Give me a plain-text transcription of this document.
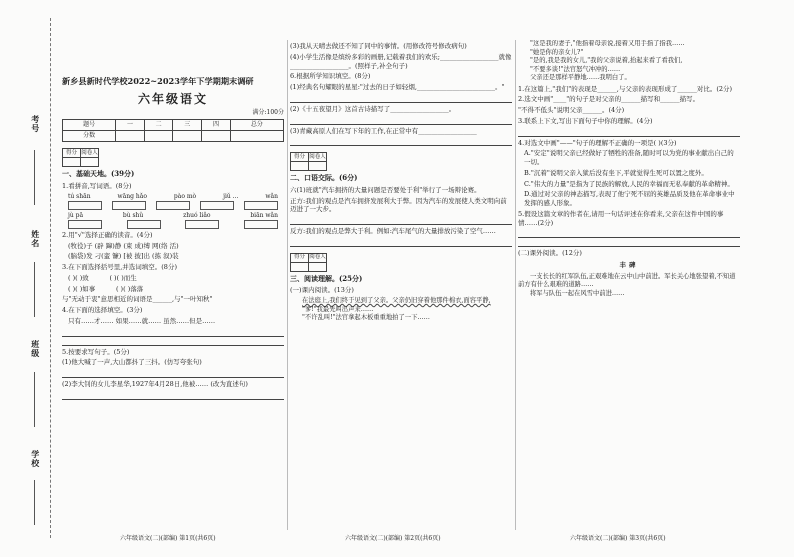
考号
姓名
班级
学校
新乡县新时代学校2022~2023学年下学期期末调研
六年级语文
满分:100分
题号	一	二	三	四	总分
分数					
得分	阅卷人

一、基础天地。(39分)
1.看拼音,写词语。(8分)
tú shān	wāng hǎo	pào mò	jiǔ ...	wǎn
jù pā	bù shǔ	zhuó liǎo	biān wǎn
2.用"√"选择正确的读音。(4分)
(牧役)子 (辟 蹿)静 (束 成)缚 网(络 活)
(脑袋)发 刁(蛮 镰) [被 披]出 (拣 叙)装
3.在下面选择括号里,并选词填空。(8分)
( )( )致	( )( )而生
( )( )如事	( )( )落落
与"无动于衷"意思相近的词语是______,与"一叶知秋"
4.在下面的选择填空。(3分)
只有……才…… 如果……就…… 虽然……但是……
5.按要求写句子。(5分)
(1)他大喊了一声,大山都抖了三抖。(仿写夸张句)
(2)李大钊的女儿李星华,1927年4月28日,他被…… (改为直述句)
(3)我从天晴去做还不知了同中的事情。(用修改符号修改病句)
(4)小学生活像是缤纷多彩的画册,记载着我们的欢乐;__________________就像__________________。(照样子,补全句子)
6.根据所学知识填空。(8分)
(1)经典名句耀眼的星星:"过去的日子如轻烟,________________________。"
(2)《十五夜望月》这首古诗描写了__________________。
(3)青藏高原人们在写下年的工作,在正常中有__________________
得分	阅卷人

二、口语交际。(6分)
六(1)班就"汽车拥挤的大量问题是否要处于利"举行了一场辩论赛。
正方:我们的观点是汽车拥挤发展利大于弊。因为汽车的发展使人类文明向前迈进了一大步。
反方:我们的观点是弊大于利。例如:汽车尾气的大量排放污染了空气……
得分	阅卷人

三、阅读理解。(25分)
(一)课内阅读。(13分)

在法庭上,我们终于见到了父亲。父亲仍旧穿着他那件棉衣,面容平静,

"爹!"我最先叫出声来……

"不许乱叫!"法官拿起木板重重地拍了一下……

"这是我的妻子,"他指着母亲说,接着又用手指了指我……

"她是你的亲女儿?"

"是的,我是我的女儿,"我的父亲说着,抬起来看了看我们,

"不要多谈!"法官怒气冲冲的……

父亲还是那样平静地……我明白了。

1.在这篇上,"我们"的表现是______,与父亲的表现形成了______对比。(2分)
2.选文中画"____"的句子是对父亲的______描写和______描写。
"不得不低头"说明父亲______。(4分)
3.联系上下文,写出下面句子中你的理解。(4分)
4.对选文中画"——"句子的理解不正确的一项是( )(3分)
A."安定"说明父亲已经做好了牺牲的准备,随时可以为党的事业献出自己的一切。
B."沉着"说明父亲入狱后没有坐下,平就觉得生死可以置之度外。
C."伟大的力量"是指为了民族的解放,人民的幸福而无私奉献的革命精神。
D.通过对父亲的神态描写,表现了他宁死不屈的英雄品质及他在革命事业中发挥的感人形象。
5.假设这篇文章的作者在,请用一句话评述在你看来,父亲在这件中国的事情……(2分)
(二)课外阅读。(12分)
丰碑

一支长长的红军队伍,正艰难地在云中山中前进。军长关心地张望着,不知道前方有什么艰难的道路……

将军与队伍一起在风雪中前进……

六年级语文(二)(部编) 第1页(共6页)	六年级语文(二)(部编) 第2页(共6页)	六年级语文(二)(部编) 第3页(共6页)
